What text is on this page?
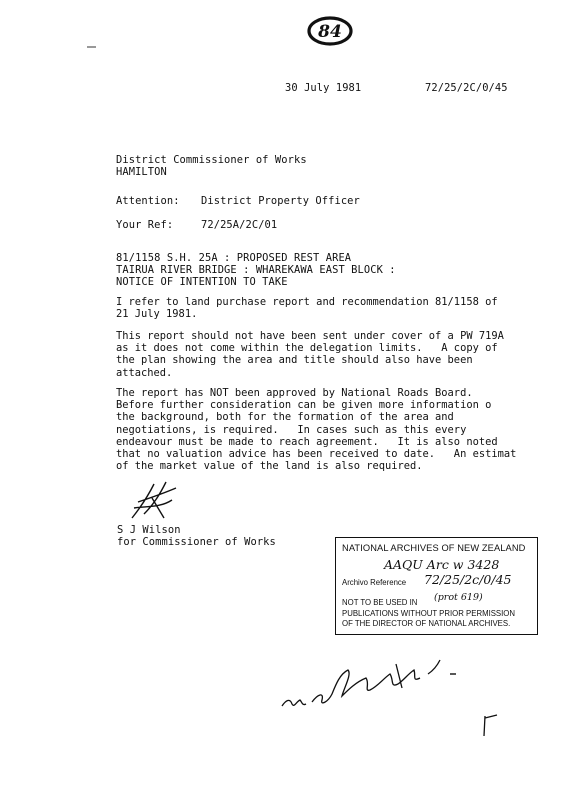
84
30 July 1981	72/25/2C/0/45
District Commissioner of Works
HAMILTON
Attention: District Property Officer
Your Ref:	72/25A/2C/01
81/1158 S.H. 25A : PROPOSED REST AREA
TAIRUA RIVER BRIDGE : WHAREKAWA EAST BLOCK :
NOTICE OF INTENTION TO TAKE
I refer to land purchase report and recommendation 81/1158 of
21 July 1981.
This report should not have been sent under cover of a PW 719A
as it does not come within the delegation limits.   A copy of
the plan showing the area and title should also have been
attached.
The report has NOT been approved by National Roads Board.
Before further consideration can be given more information o
the background, both for the formation of the area and
negotiations, is required.   In cases such as this every
endeavour must be made to reach agreement.   It is also noted
that no valuation advice has been received to date.   An estimat
of the market value of the land is also required.
S J Wilson
for Commissioner of Works	NATIONAL ARCHIVES OF NEW ZEALAND
AAQU Arc w 3428
Archivo Reference 72/25/2c/0/45
NOT TO BE USED IN (prot 619)
PUBLICATIONS WITHOUT PRIOR PERMISSION
OF THE DIRECTOR OF NATIONAL ARCHIVES.
